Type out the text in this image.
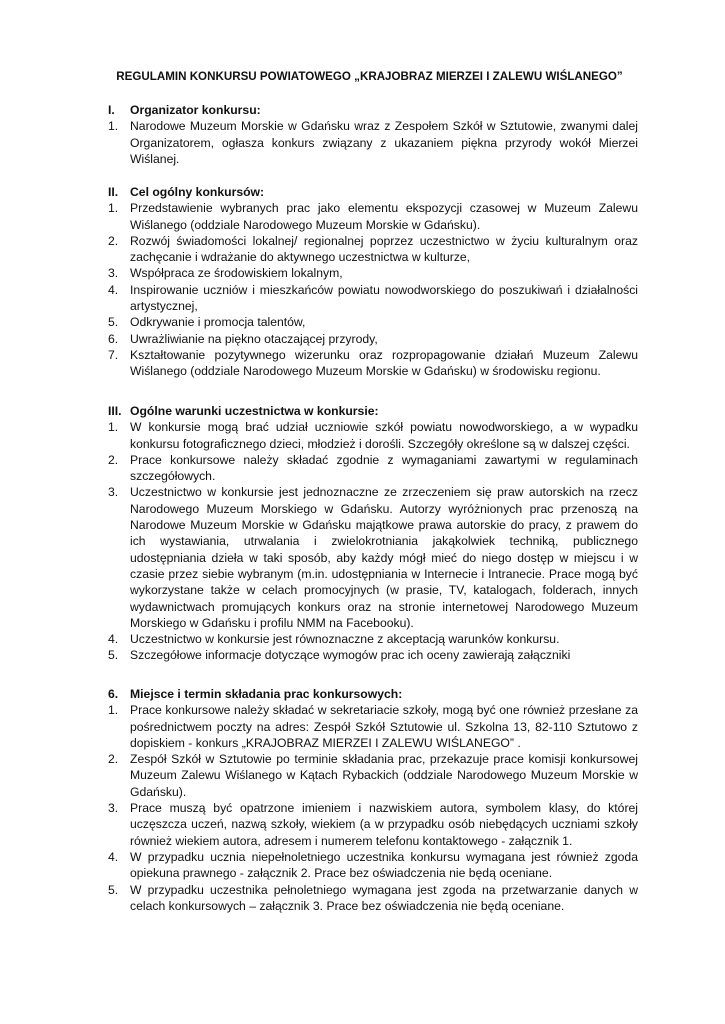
REGULAMIN KONKURSU POWIATOWEGO „KRAJOBRAZ MIERZEI I ZALEWU WIŚLANEGO”
I. Organizator konkursu:
1. Narodowe Muzeum Morskie w Gdańsku wraz z Zespołem Szkół w Sztutowie, zwanymi dalej Organizatorem, ogłasza konkurs związany z ukazaniem piękna przyrody wokół Mierzei Wiślanej.
II. Cel ogólny konkursów:
1. Przedstawienie wybranych prac jako elementu ekspozycji czasowej w Muzeum Zalewu Wiślanego (oddziale Narodowego Muzeum Morskie w Gdańsku).
2. Rozwój świadomości lokalnej/ regionalnej poprzez uczestnictwo w życiu kulturalnym oraz zachęcanie i wdrażanie do aktywnego uczestnictwa w kulturze,
3. Współpraca ze środowiskiem lokalnym,
4. Inspirowanie uczniów i mieszkańców powiatu nowodworskiego do poszukiwań i działalności artystycznej,
5. Odkrywanie i promocja talentów,
6. Uwrażliwianie na piękno otaczającej przyrody,
7. Kształtowanie pozytywnego wizerunku oraz rozpropagowanie działań Muzeum Zalewu Wiślanego (oddziale Narodowego Muzeum Morskie w Gdańsku) w środowisku regionu.
III. Ogólne warunki uczestnictwa w konkursie:
1. W konkursie mogą brać udział uczniowie szkół powiatu nowodworskiego, a w wypadku konkursu fotograficznego dzieci, młodzież i dorośli. Szczegóły określone są w dalszej części.
2. Prace konkursowe należy składać zgodnie z wymaganiami zawartymi w regulaminach szczegółowych.
3. Uczestnictwo w konkursie jest jednoznaczne ze zrzeczeniem się praw autorskich na rzecz Narodowego Muzeum Morskiego w Gdańsku. Autorzy wyróżnionych prac przenoszą na Narodowe Muzeum Morskie w Gdańsku majątkowe prawa autorskie do pracy, z prawem do ich wystawiania, utrwalania i zwielokrotniania jakąkolwiek techniką, publicznego udostępniania dzieła w taki sposób, aby każdy mógł mieć do niego dostęp w miejscu i w czasie przez siebie wybranym (m.in. udostępniania w Internecie i Intranecie. Prace mogą być wykorzystane także w celach promocyjnych (w prasie, TV, katalogach, folderach, innych wydawnictwach promujących konkurs oraz na stronie internetowej Narodowego Muzeum Morskiego w Gdańsku i profilu NMM na Facebooku).
4. Uczestnictwo w konkursie jest równoznaczne z akceptacją warunków konkursu.
5. Szczegółowe informacje dotyczące wymogów prac ich oceny zawierają załączniki
6. Miejsce i termin składania prac konkursowych:
1. Prace konkursowe należy składać w sekretariacie szkoły, mogą być one również przesłane za pośrednictwem poczty na adres: Zespół Szkół Sztutowie ul. Szkolna 13, 82-110 Sztutowo z dopiskiem - konkurs „KRAJOBRAZ MIERZEI I ZALEWU WIŚLANEGO” .
2. Zespół Szkół w Sztutowie po terminie składania prac, przekazuje prace komisji konkursowej Muzeum Zalewu Wiślanego w Kątach Rybackich (oddziale Narodowego Muzeum Morskie w Gdańsku).
3. Prace muszą być opatrzone imieniem i nazwiskiem autora, symbolem klasy, do której uczęszcza uczeń, nazwą szkoły, wiekiem (a w przypadku osób niebędących uczniami szkoły również wiekiem autora, adresem i numerem telefonu kontaktowego - załącznik 1.
4. W przypadku ucznia niepełnoletniego uczestnika konkursu wymagana jest również zgoda opiekuna prawnego - załącznik 2. Prace bez oświadczenia nie będą oceniane.
5. W przypadku uczestnika pełnoletniego wymagana jest zgoda na przetwarzanie danych w celach konkursowych – załącznik 3. Prace bez oświadczenia nie będą oceniane.
